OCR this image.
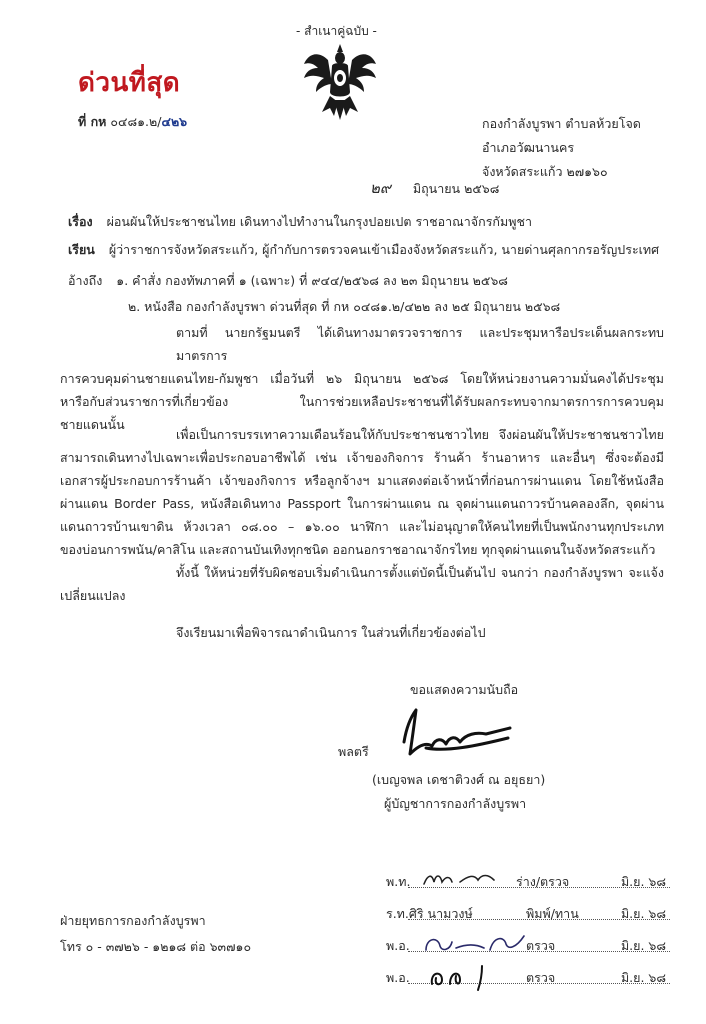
- สำเนาคู่ฉบับ -
ด่วนที่สุด
ที่ กห ๐๔๘๑.๒/๔๒๖	กองกำลังบูรพา ตำบลห้วยโจด
อำเภอวัฒนานคร
จังหวัดสระแก้ว ๒๗๑๖๐
๒๙ มิถุนายน ๒๕๖๘
เรื่อง ผ่อนผันให้ประชาชนไทย เดินทางไปทำงานในกรุงปอยเปต ราชอาณาจักรกัมพูชา
เรียน ผู้ว่าราชการจังหวัดสระแก้ว, ผู้กำกับการตรวจคนเข้าเมืองจังหวัดสระแก้ว, นายด่านศุลกากรอรัญประเทศ
อ้างถึง ๑. คำสั่ง กองทัพภาคที่ ๑ (เฉพาะ) ที่ ๙๔๔/๒๕๖๘ ลง ๒๓ มิถุนายน ๒๕๖๘
๒. หนังสือ กองกำลังบูรพา ด่วนที่สุด ที่ กห ๐๔๘๑.๒/๔๒๒ ลง ๒๕ มิถุนายน ๒๕๖๘
ตามที่ นายกรัฐมนตรี ได้เดินทางมาตรวจราชการ และประชุมหารือประเด็นผลกระทบมาตรการ
การควบคุมด่านชายแดนไทย-กัมพูชา เมื่อวันที่ ๒๖ มิถุนายน ๒๕๖๘ โดยให้หน่วยงานความมั่นคงได้ประชุม
หารือกับส่วนราชการที่เกี่ยวข้อง ในการช่วยเหลือประชาชนที่ได้รับผลกระทบจากมาตรการการควบคุม
ชายแดนนั้น
เพื่อเป็นการบรรเทาความเดือนร้อนให้กับประชาชนชาวไทย จึงผ่อนผันให้ประชาชนชาวไทย
สามารถเดินทางไปเฉพาะเพื่อประกอบอาชีพได้ เช่น เจ้าของกิจการ ร้านค้า ร้านอาหาร และอื่นๆ ซึ่งจะต้องมี
เอกสารผู้ประกอบการร้านค้า เจ้าของกิจการ หรือลูกจ้างฯ มาแสดงต่อเจ้าหน้าที่ก่อนการผ่านแดน โดยใช้หนังสือ
ผ่านแดน Border Pass, หนังสือเดินทาง Passport ในการผ่านแดน ณ จุดผ่านแดนถาวรบ้านคลองลึก, จุดผ่าน
แดนถาวรบ้านเขาดิน ห้วงเวลา ๐๘.๐๐ – ๑๖.๐๐ นาฬิกา และไม่อนุญาตให้คนไทยที่เป็นพนักงานทุกประเภท
ของบ่อนการพนัน/คาสิโน และสถานบันเทิงทุกชนิด ออกนอกราชอาณาจักรไทย ทุกจุดผ่านแดนในจังหวัดสระแก้ว
ทั้งนี้ ให้หน่วยที่รับผิดชอบเริ่มดำเนินการตั้งแต่บัดนี้เป็นต้นไป จนกว่า กองกำลังบูรพา จะแจ้ง
เปลี่ยนแปลง
จึงเรียนมาเพื่อพิจารณาดำเนินการ ในส่วนที่เกี่ยวข้องต่อไป
ขอแสดงความนับถือ
พลตรี
(เบญจพล เดชาติวงศ์ ณ อยุธยา)
ผู้บัญชาการกองกำลังบูรพา
ฝ่ายยุทธการกองกำลังบูรพา
โทร ๐ - ๓๗๒๖ - ๑๒๑๘ ต่อ ๖๓๗๑๐
พ.ท.	ร่าง/ตรวจ	มิ.ย. ๖๘
ร.ท.ศิริ นามวงษ์	พิมพ์/ทาน	มิ.ย. ๖๘
พ.อ.	ตรวจ	มิ.ย. ๖๘
พ.อ.	ตรวจ	มิ.ย. ๖๘
